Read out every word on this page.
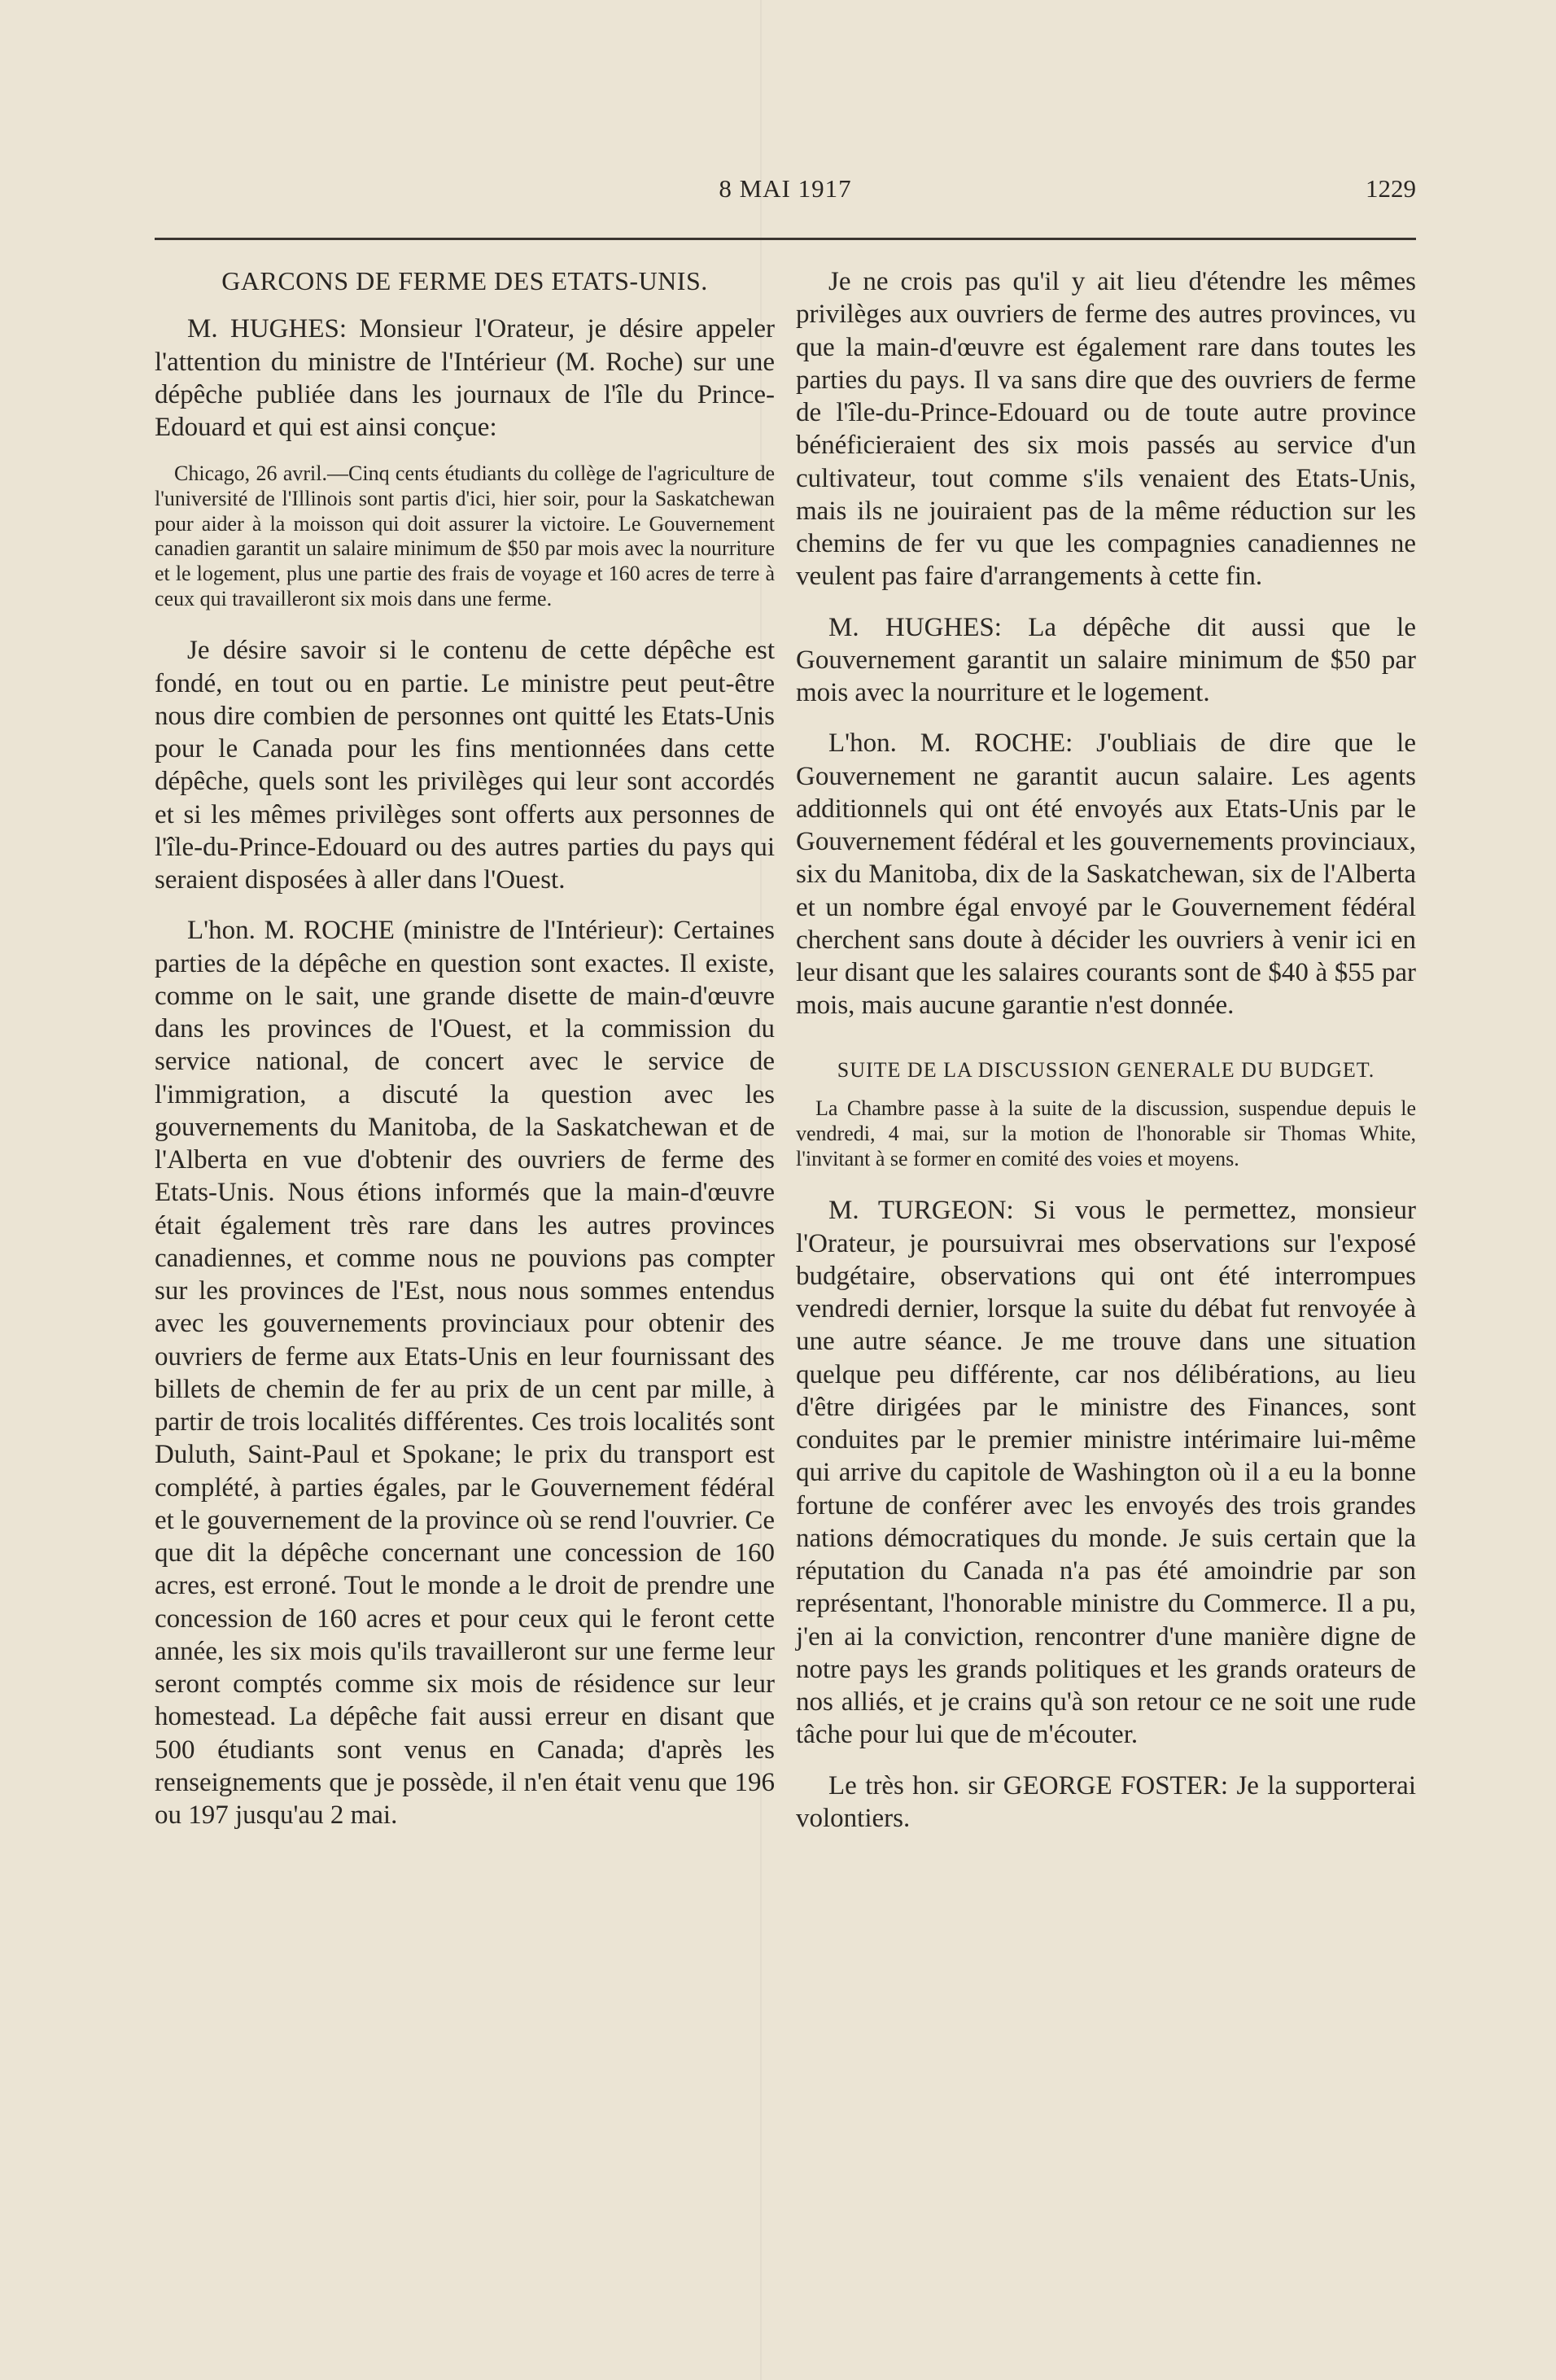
8 MAI 1917	1229
GARCONS DE FERME DES ETATS-UNIS.

M. HUGHES: Monsieur l'Orateur, je désire appeler l'attention du ministre de l'Intérieur (M. Roche) sur une dépêche publiée dans les journaux de l'île du Prince-Edouard et qui est ainsi conçue:

Chicago, 26 avril.—Cinq cents étudiants du collège de l'agriculture de l'université de l'Illinois sont partis d'ici, hier soir, pour la Saskatchewan pour aider à la moisson qui doit assurer la victoire. Le Gouvernement canadien garantit un salaire minimum de $50 par mois avec la nourriture et le logement, plus une partie des frais de voyage et 160 acres de terre à ceux qui travailleront six mois dans une ferme.

Je désire savoir si le contenu de cette dépêche est fondé, en tout ou en partie. Le ministre peut peut-être nous dire combien de personnes ont quitté les Etats-Unis pour le Canada pour les fins mentionnées dans cette dépêche, quels sont les privilèges qui leur sont accordés et si les mêmes privilèges sont offerts aux personnes de l'île-du-Prince-Edouard ou des autres parties du pays qui seraient disposées à aller dans l'Ouest.

L'hon. M. ROCHE (ministre de l'Intérieur): Certaines parties de la dépêche en question sont exactes. Il existe, comme on le sait, une grande disette de main-d'œuvre dans les provinces de l'Ouest, et la commission du service national, de concert avec le service de l'immigration, a discuté la question avec les gouvernements du Manitoba, de la Saskatchewan et de l'Alberta en vue d'obtenir des ouvriers de ferme des Etats-Unis. Nous étions informés que la main-d'œuvre était également très rare dans les autres provinces canadiennes, et comme nous ne pouvions pas compter sur les provinces de l'Est, nous nous sommes entendus avec les gouvernements provinciaux pour obtenir des ouvriers de ferme aux Etats-Unis en leur fournissant des billets de chemin de fer au prix de un cent par mille, à partir de trois localités différentes. Ces trois localités sont Duluth, Saint-Paul et Spokane; le prix du transport est complété, à parties égales, par le Gouvernement fédéral et le gouvernement de la province où se rend l'ouvrier. Ce que dit la dépêche concernant une concession de 160 acres, est erroné. Tout le monde a le droit de prendre une concession de 160 acres et pour ceux qui le feront cette année, les six mois qu'ils travailleront sur une ferme leur seront comptés comme six mois de résidence sur leur homestead. La dépêche fait aussi erreur en disant que 500 étudiants sont venus en Canada; d'après les renseignements que je possède, il n'en était venu que 196 ou 197 jusqu'au 2 mai.

Je ne crois pas qu'il y ait lieu d'étendre les mêmes privilèges aux ouvriers de ferme des autres provinces, vu que la main-d'œuvre est également rare dans toutes les parties du pays. Il va sans dire que des ouvriers de ferme de l'île-du-Prince-Edouard ou de toute autre province bénéficieraient des six mois passés au service d'un cultivateur, tout comme s'ils venaient des Etats-Unis, mais ils ne jouiraient pas de la même réduction sur les chemins de fer vu que les compagnies canadiennes ne veulent pas faire d'arrangements à cette fin.

M. HUGHES: La dépêche dit aussi que le Gouvernement garantit un salaire minimum de $50 par mois avec la nourriture et le logement.

L'hon. M. ROCHE: J'oubliais de dire que le Gouvernement ne garantit aucun salaire. Les agents additionnels qui ont été envoyés aux Etats-Unis par le Gouvernement fédéral et les gouvernements provinciaux, six du Manitoba, dix de la Saskatchewan, six de l'Alberta et un nombre égal envoyé par le Gouvernement fédéral cherchent sans doute à décider les ouvriers à venir ici en leur disant que les salaires courants sont de $40 à $55 par mois, mais aucune garantie n'est donnée.

SUITE DE LA DISCUSSION GENERALE DU BUDGET.

La Chambre passe à la suite de la discussion, suspendue depuis le vendredi, 4 mai, sur la motion de l'honorable sir Thomas White, l'invitant à se former en comité des voies et moyens.

M. TURGEON: Si vous le permettez, monsieur l'Orateur, je poursuivrai mes observations sur l'exposé budgétaire, observations qui ont été interrompues vendredi dernier, lorsque la suite du débat fut renvoyée à une autre séance. Je me trouve dans une situation quelque peu différente, car nos délibérations, au lieu d'être dirigées par le ministre des Finances, sont conduites par le premier ministre intérimaire lui-même qui arrive du capitole de Washington où il a eu la bonne fortune de conférer avec les envoyés des trois grandes nations démocratiques du monde. Je suis certain que la réputation du Canada n'a pas été amoindrie par son représentant, l'honorable ministre du Commerce. Il a pu, j'en ai la conviction, rencontrer d'une manière digne de notre pays les grands politiques et les grands orateurs de nos alliés, et je crains qu'à son retour ce ne soit une rude tâche pour lui que de m'écouter.

Le très hon. sir GEORGE FOSTER: Je la supporterai volontiers.
